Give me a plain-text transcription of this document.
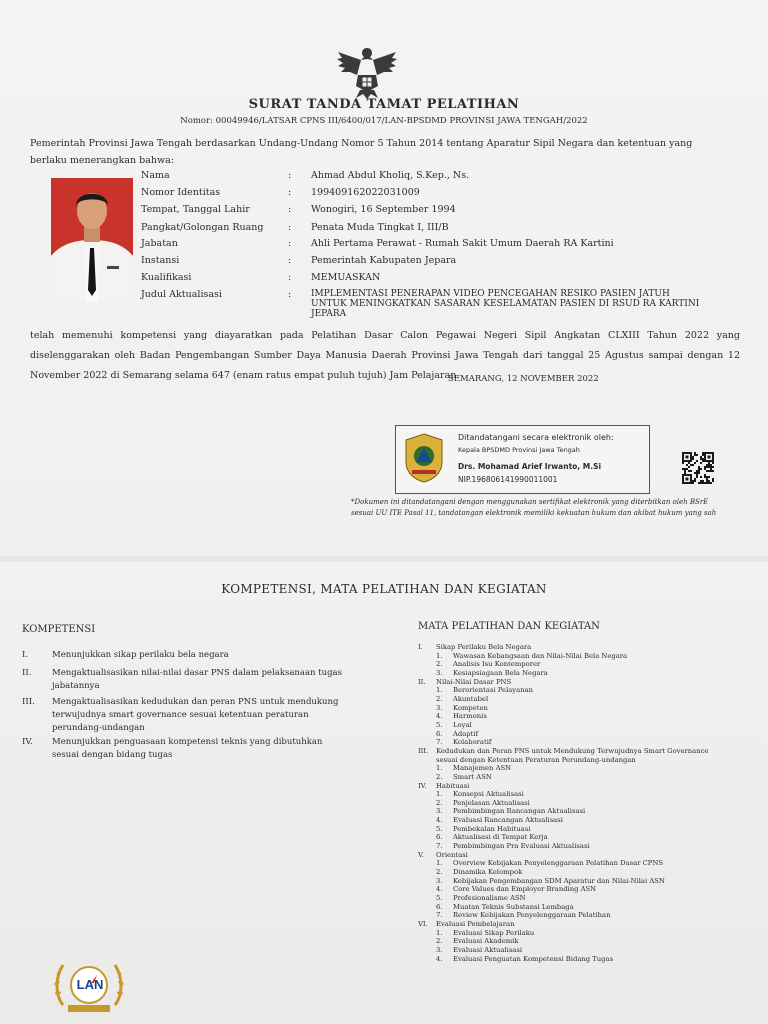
SURAT TANDA TAMAT PELATIHAN
Nomor: 00049946/LATSAR CPNS III/6400/017/LAN-BPSDMD PROVINSI JAWA TENGAH/2022
Pemerintah Provinsi Jawa Tengah berdasarkan Undang-Undang Nomor 5 Tahun 2014 tentang Aparatur Sipil Negara dan ketentuan yang berlaku menerangkan bahwa:
Nama	: Ahmad Abdul Kholiq, S.Kep., Ns.
Nomor Identitas	: 199409162022031009
Tempat, Tanggal Lahir	: Wonogiri, 16 September 1994
Pangkat/Golongan Ruang	: Penata Muda Tingkat I, III/B
Jabatan	: Ahli Pertama Perawat - Rumah Sakit Umum Daerah RA Kartini
Instansi	: Pemerintah Kabupaten Jepara
Kualifikasi	: MEMUASKAN
Judul Aktualisasi	: IMPLEMENTASI PENERAPAN VIDEO PENCEGAHAN RESIKO PASIEN JATUH
UNTUK MENINGKATKAN SASARAN KESELAMATAN PASIEN DI RSUD RA KARTINI
JEPARA
telah memenuhi kompetensi yang diayaratkan pada Pelatihan Dasar Calon Pegawai Negeri Sipil Angkatan CLXIII Tahun 2022 yang diselenggarakan oleh Badan Pengembangan Sumber Daya Manusia Daerah Provinsi Jawa Tengah dari tanggal 25 Agustus sampai dengan 12 November 2022 di Semarang selama 647 (enam ratus empat puluh tujuh) Jam Pelajaran.
SEMARANG, 12 NOVEMBER 2022
Ditandatangani secara elektronik oleh:
Kepala BPSDMD Provinsi Jawa Tengah
Drs. Mohamad Arief Irwanto, M.Si
NIP.196806141990011001
*Dokumen ini ditandatangani dengan menggunakan sertifikat elektronik yang diterbitkan oleh BSrE sesuai UU ITE Pasal 11, tandatangan elektronik memiliki kekuatan hukum dan akibat hukum yang sah
KOMPETENSI, MATA PELATIHAN DAN KEGIATAN
KOMPETENSI	MATA PELATIHAN DAN KEGIATAN
I.	Menunjukkan sikap perilaku bela negara
II. Mengaktualisasikan nilai-nilai dasar PNS dalam pelaksanaan tugas jabatannya
III. Mengaktualisasikan kedudukan dan peran PNS untuk mendukung terwujudnya smart governance sesuai ketentuan peraturan perundang-undangan
IV. Menunjukkan penguasaan kompetensi teknis yang dibutuhkan sesuai dengan bidang tugas
I. Sikap Perilaku Bela Negara
1. Wawasan Kebangsaan dan Nilai-Nilai Bela Negara
2. Analisis Isu Kontemporer
3. Kesiapsiagaan Bela Negara
II. Nilai-Nilai Dasar PNS
1. Berorientasi Pelayanan
2. Akuntabel
3. Kompeten
4. Harmonis
5. Loyal
6. Adaptif
7. Kolaboratif
III. Kedudukan dan Peran PNS untuk Mendukung Terwujudnya Smart Governance
sesuai dengan Ketentuan Peraturan Perundang-undangan
1. Manajemen ASN
2. Smart ASN
IV. Habituasi
1. Konsepsi Aktualisasi
2. Penjelasan Aktualisasi
3. Pembimbingan Rancangan Aktualisasi
4. Evaluasi Rancangan Aktualisasi
5. Pembekalan Habituasi
6. Aktualisasi di Tempat Kerja
7. Pembimbingan Pra Evaluasi Aktualisasi
V. Orientasi
1. Overview Kebijakan Penyelenggaraan Pelatihan Dasar CPNS
2. Dinamika Kelompok
3. Kebijakan Pengembangan SDM Aparatur dan Nilai-Nilai ASN
4. Core Values dan Employer Branding ASN
5. Profesionalisme ASN
6. Muatan Teknis Substansi Lembaga
7. Review Kebijakan Penyelenggaraan Pelatihan
VI. Evaluasi Pembelajaran
1. Evaluasi Sikap Perilaku
2. Evaluasi Akademik
3. Evaluasi Aktualisasi
4. Evaluasi Penguatan Kompetensi Bidang Tugas
LAN
